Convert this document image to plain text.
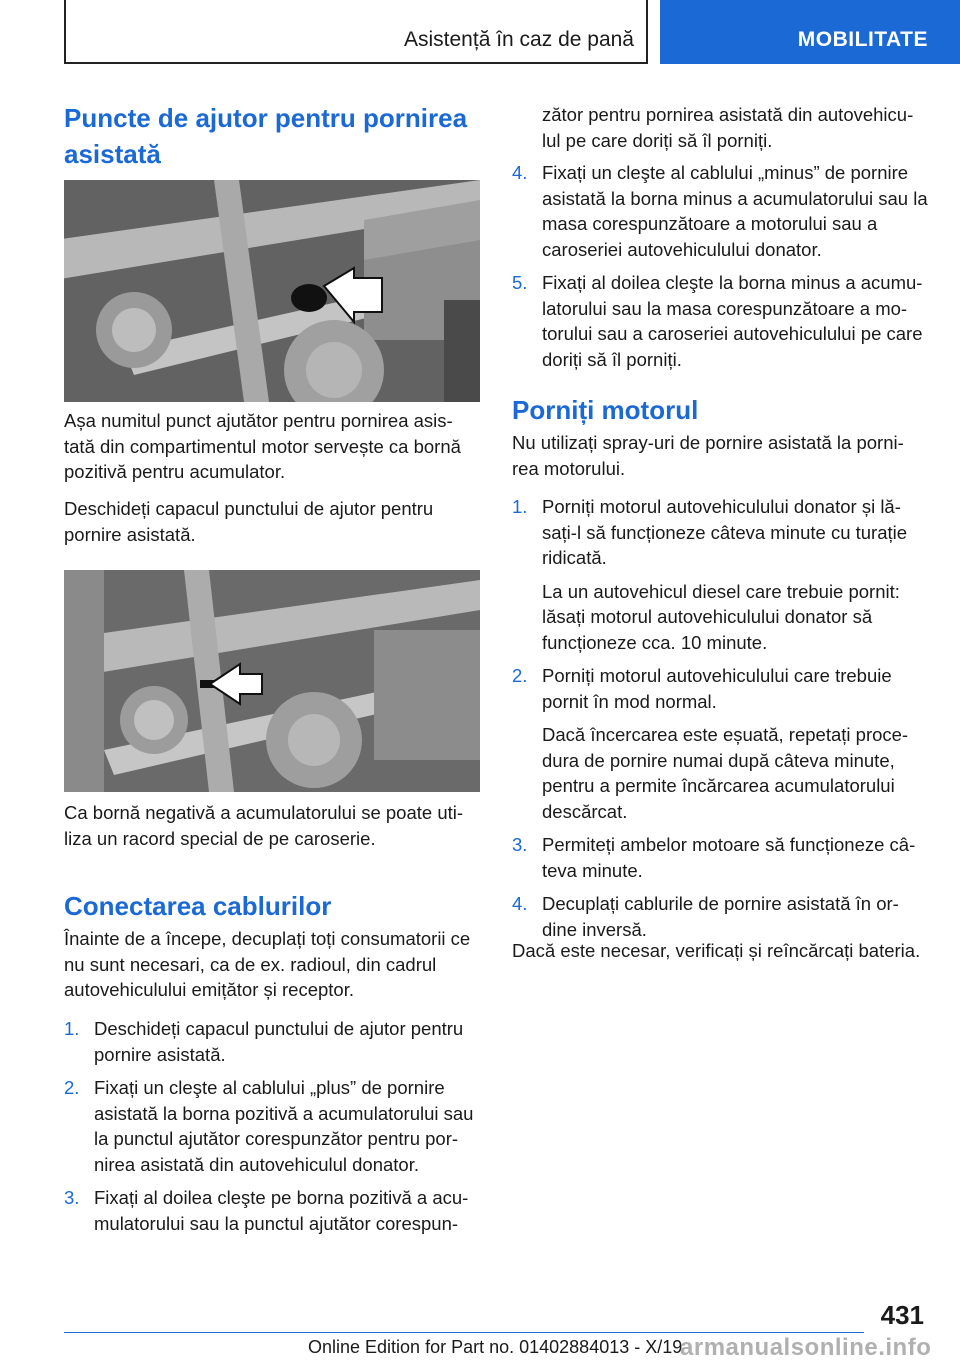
Asistență în caz de pană	MOBILITATE
Puncte de ajutor pentru pornirea asistată

Așa numitul punct ajutător pentru pornirea asis-tată din compartimentul motor servește ca bornă pozitivă pentru acumulator.

Deschideți capacul punctului de ajutor pentru pornire asistată.

Ca bornă negativă a acumulatorului se poate uti-liza un racord special de pe caroserie.

Conectarea cablurilor

Înainte de a începe, decuplați toți consumatorii ce nu sunt necesari, ca de ex. radioul, din cadrul autovehiculului emițător și receptor.

1. Deschideți capacul punctului de ajutor pentru pornire asistată.
2. Fixați un cleşte al cablului „plus” de pornire asistată la borna pozitivă a acumulatorului sau la punctul ajutător corespunzător pentru por-nirea asistată din autovehiculul donator.
3. Fixați al doilea cleşte pe borna pozitivă a acu-mulatorului sau la punctul ajutător corespun-

zător pentru pornirea asistată din autovehicu-lul pe care doriți să îl porniți.

4. Fixați un cleşte al cablului „minus” de pornire asistată la borna minus a acumulatorului sau la masa corespunzătoare a motorului sau a caroseriei autovehiculului donator.
5. Fixați al doilea cleşte la borna minus a acumu-latorului sau la masa corespunzătoare a mo-torului sau a caroseriei autovehiculului pe care doriți să îl porniți.
Porniți motorul

Nu utilizați spray-uri de pornire asistată la porni-rea motorului.

1. Porniți motorul autovehiculului donator și lă-sați-l să funcționeze câteva minute cu turație ridicată.
La un autovehicul diesel care trebuie pornit: lăsați motorul autovehiculului donator să funcționeze cca. 10 minute.
2. Porniți motorul autovehiculului care trebuie pornit în mod normal.
Dacă încercarea este eșuată, repetați proce-dura de pornire numai după câteva minute, pentru a permite încărcarea acumulatorului descărcat.
3. Permiteți ambelor motoare să funcționeze câ-teva minute.
4. Decuplați cablurile de pornire asistată în or-dine inversă.

Dacă este necesar, verificați și reîncărcați bateria.

431
Online Edition for Part no. 01402884013 - X/19
armanualsonline.info
